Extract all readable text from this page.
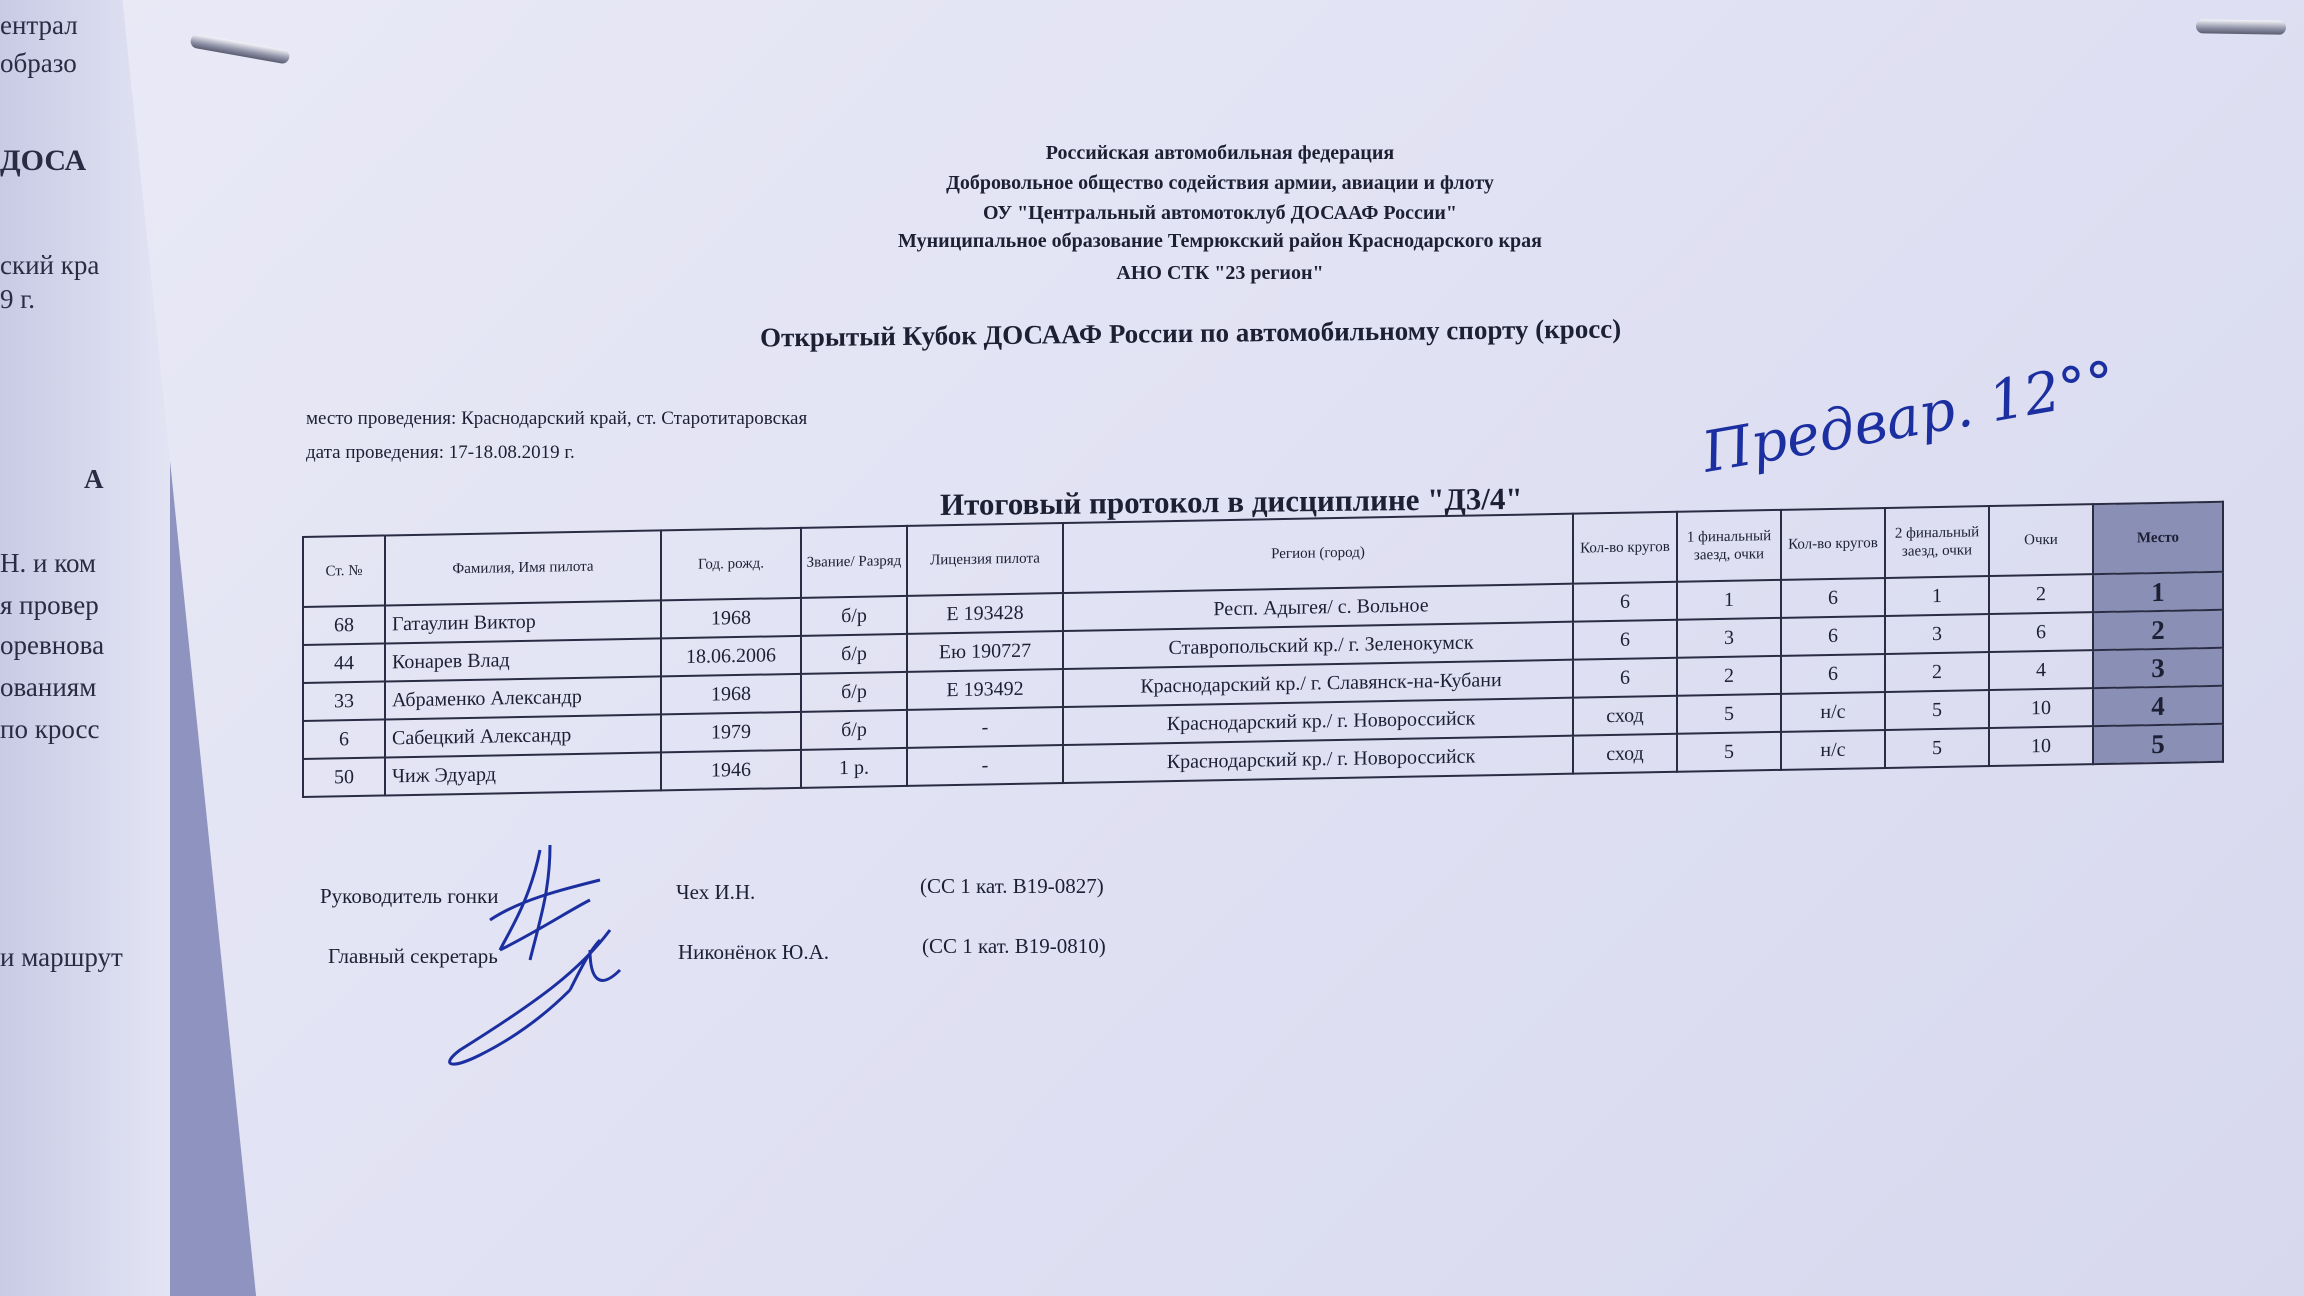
ентрал
образо
ДОСА
ский кра
9 г.
А
Н. и ком
я провер
оревнова
ованиям
по кросс
и маршрут
Российская автомобильная федерация
Добровольное общество содействия армии, авиации и флоту
ОУ "Центральный автомотоклуб ДОСААФ России"
Муниципальное образование Темрюкский район Краснодарского края
АНО СТК "23 регион"
Открытый Кубок ДОСААФ России по автомобильному спорту (кросс)
место проведения: Краснодарский край, ст. Старотитаровская
дата проведения: 17-18.08.2019 г.	Предвар. 12°°
Итоговый протокол в дисциплине "Д3/4"
Ст. №	Фамилия, Имя пилота	Год. рожд.	Звание/ Разряд	Лицензия пилота	Регион (город)	Кол-во кругов	1 финальный заезд, очки	Кол-во кругов	2 финальный заезд, очки	Очки	Место
68	Гатаулин Виктор	1968	б/р	Е 193428	Респ. Адыгея/ с. Вольное	6	1	6	1	2	1
44	Конарев Влад	18.06.2006	б/р	Ею 190727	Ставропольский кр./ г. Зеленокумск	6	3	6	3	6	2
33	Абраменко Александр	1968	б/р	Е 193492	Краснодарский кр./ г. Славянск-на-Кубани	6	2	6	2	4	3
6	Сабецкий Александр	1979	б/р	-	Краснодарский кр./ г. Новороссийск	сход	5	н/с	5	10	4
50	Чиж Эдуард	1946	1 р.	-	Краснодарский кр./ г. Новороссийск	сход	5	н/с	5	10	5
Руководитель гонки	Чех И.Н.	(СС 1 кат. В19-0827)
Главный секретарь	Никонёнок Ю.А.	(СС 1 кат. В19-0810)
